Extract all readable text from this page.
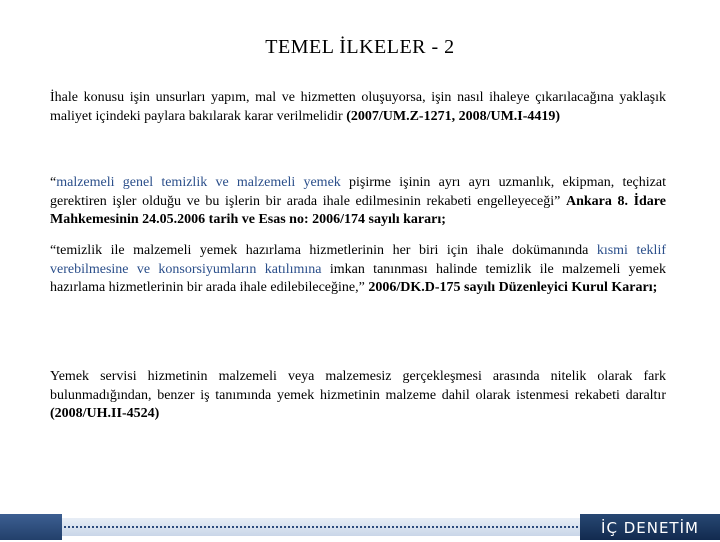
TEMEL İLKELER - 2
İhale konusu işin unsurları yapım, mal ve hizmetten oluşuyorsa, işin nasıl ihaleye çıkarılacağına yaklaşık maliyet içindeki paylara bakılarak karar verilmelidir (2007/UM.Z-1271, 2008/UM.I-4419)
“malzemeli genel temizlik ve malzemeli yemek pişirme işinin ayrı ayrı uzmanlık, ekipman, teçhizat gerektiren işler olduğu ve bu işlerin bir arada ihale edilmesinin rekabeti engelleyeceği” Ankara 8. İdare Mahkemesinin 24.05.2006 tarih ve Esas no: 2006/174 sayılı kararı;
“temizlik ile malzemeli yemek hazırlama hizmetlerinin her biri için ihale dokümanında kısmi teklif verebilmesine ve konsorsiyumların katılımına imkan tanınması halinde temizlik ile malzemeli yemek hazırlama hizmetlerinin bir arada ihale edilebileceğine,” 2006/DK.D-175 sayılı Düzenleyici Kurul Kararı;
Yemek servisi hizmetinin malzemeli veya malzemesiz gerçekleşmesi arasında nitelik olarak fark bulunmadığından, benzer iş tanımında yemek hizmetinin malzeme dahil olarak istenmesi rekabeti daraltır (2008/UH.II-4524)
İÇ DENETİM
